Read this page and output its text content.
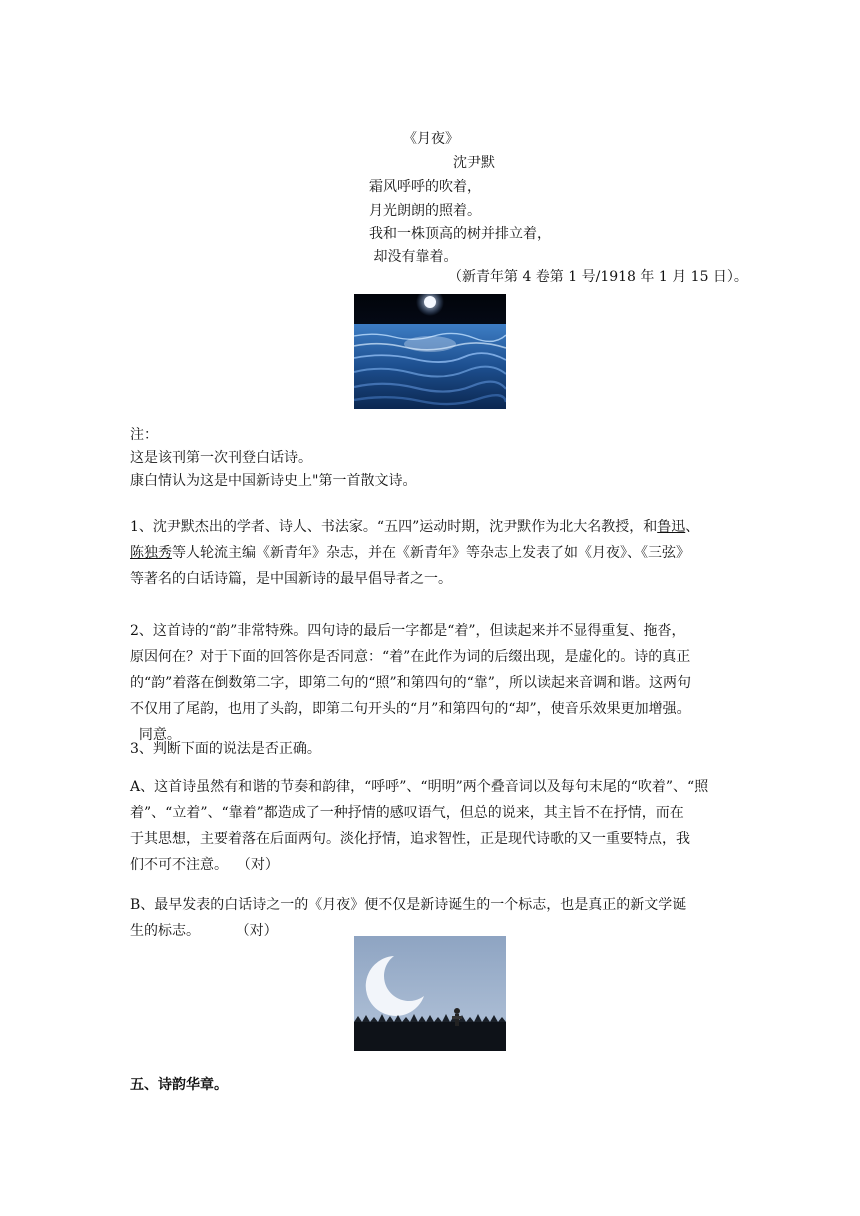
《月夜》
沈尹默
霜风呼呼的吹着，
月光朗朗的照着。
我和一株顶高的树并排立着，
却没有靠着。
（新青年第 4 卷第 1 号/1918 年 1 月 15 日）。
注：
这是该刊第一次刊登白话诗。
康白情认为这是中国新诗史上"第一首散文诗。
1、沈尹默杰出的学者、诗人、书法家。“五四”运动时期，沈尹默作为北大名教授，和鲁迅、
陈独秀等人轮流主编《新青年》杂志，并在《新青年》等杂志上发表了如《月夜》、《三弦》
等著名的白话诗篇，是中国新诗的最早倡导者之一。
2、这首诗的“韵”非常特殊。四句诗的最后一字都是“着”，但读起来并不显得重复、拖沓，
原因何在？对于下面的回答你是否同意：“着”在此作为词的后缀出现，是虚化的。诗的真正
的“韵”着落在倒数第二字，即第二句的“照”和第四句的“靠”，所以读起来音调和谐。这两句
不仅用了尾韵，也用了头韵，即第二句开头的“月”和第四句的“却”，使音乐效果更加增强。
同意。
3、判断下面的说法是否正确。
A、这首诗虽然有和谐的节奏和韵律，“呼呼”、“明明”两个叠音词以及每句末尾的“吹着”、“照
着”、“立着”、“靠着”都造成了一种抒情的感叹语气，但总的说来，其主旨不在抒情，而在
于其思想，主要着落在后面两句。淡化抒情，追求智性，正是现代诗歌的又一重要特点，我
们不可不注意。  （对）
B、最早发表的白话诗之一的《月夜》便不仅是新诗诞生的一个标志，也是真正的新文学诞
生的标志。        （对）
五、诗韵华章。
